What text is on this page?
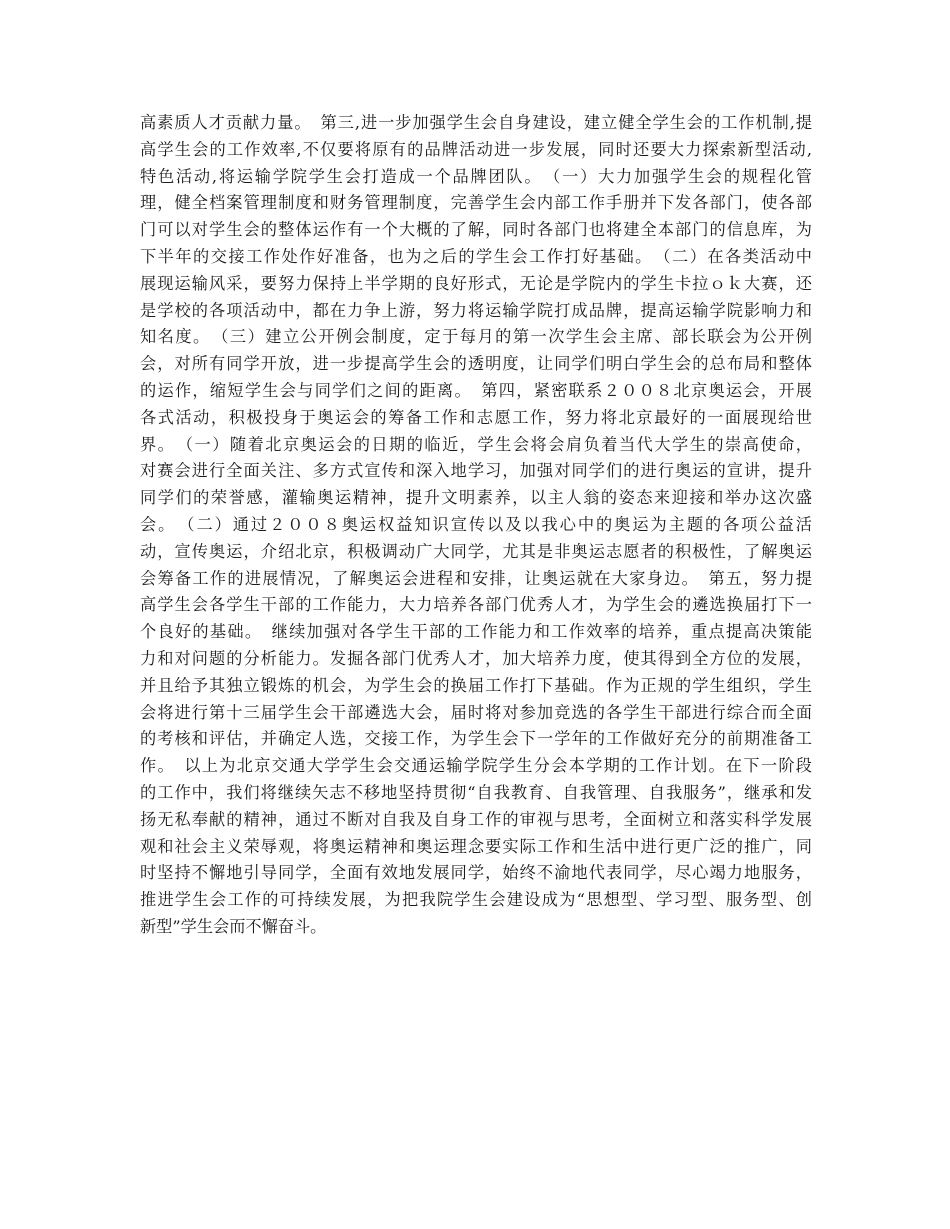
高素质人才贡献力量。　第三,进一步加强学生会自身建设，建立健全学生会的工作机制,提
高学生会的工作效率,不仅要将原有的品牌活动进一步发展，同时还要大力探索新型活动,
特色活动,将运输学院学生会打造成一个品牌团队。　（一）大力加强学生会的规程化管
理，健全档案管理制度和财务管理制度，完善学生会内部工作手册并下发各部门，使各部
门可以对学生会的整体运作有一个大概的了解，同时各部门也将建全本部门的信息库，为
下半年的交接工作处作好准备，也为之后的学生会工作打好基础。　（二）在各类活动中
展现运输风采，要努力保持上半学期的良好形式，无论是学院内的学生卡拉ｏｋ大赛，还
是学校的各项活动中，都在力争上游，努力将运输学院打成品牌，提高运输学院影响力和
知名度。　（三）建立公开例会制度，定于每月的第一次学生会主席、部长联会为公开例
会，对所有同学开放，进一步提高学生会的透明度，让同学们明白学生会的总布局和整体
的运作，缩短学生会与同学们之间的距离。　第四，紧密联系２００８北京奥运会，开展
各式活动，积极投身于奥运会的筹备工作和志愿工作，努力将北京最好的一面展现给世
界。　（一）随着北京奥运会的日期的临近，学生会将会肩负着当代大学生的崇高使命，
对赛会进行全面关注、多方式宣传和深入地学习，加强对同学们的进行奥运的宣讲，提升
同学们的荣誉感，灌输奥运精神，提升文明素养，以主人翁的姿态来迎接和举办这次盛
会。　（二）通过２００８奥运权益知识宣传以及以我心中的奥运为主题的各项公益活
动，宣传奥运，介绍北京，积极调动广大同学，尤其是非奥运志愿者的积极性，了解奥运
会筹备工作的进展情况，了解奥运会进程和安排，让奥运就在大家身边。　第五，努力提
高学生会各学生干部的工作能力，大力培养各部门优秀人才，为学生会的遴选换届打下一
个良好的基础。　继续加强对各学生干部的工作能力和工作效率的培养，重点提高决策能
力和对问题的分析能力。发掘各部门优秀人才，加大培养力度，使其得到全方位的发展，
并且给予其独立锻炼的机会，为学生会的换届工作打下基础。作为正规的学生组织，学生
会将进行第十三届学生会干部遴选大会，届时将对参加竞选的各学生干部进行综合而全面
的考核和评估，并确定人选，交接工作，为学生会下一学年的工作做好充分的前期准备工
作。　以上为北京交通大学学生会交通运输学院学生分会本学期的工作计划。在下一阶段
的工作中，我们将继续矢志不移地坚持贯彻“自我教育、自我管理、自我服务”，继承和发
扬无私奉献的精神，通过不断对自我及自身工作的审视与思考，全面树立和落实科学发展
观和社会主义荣辱观，将奥运精神和奥运理念要实际工作和生活中进行更广泛的推广，同
时坚持不懈地引导同学，全面有效地发展同学，始终不渝地代表同学，尽心竭力地服务，
推进学生会工作的可持续发展，为把我院学生会建设成为“思想型、学习型、服务型、创
新型”学生会而不懈奋斗。
